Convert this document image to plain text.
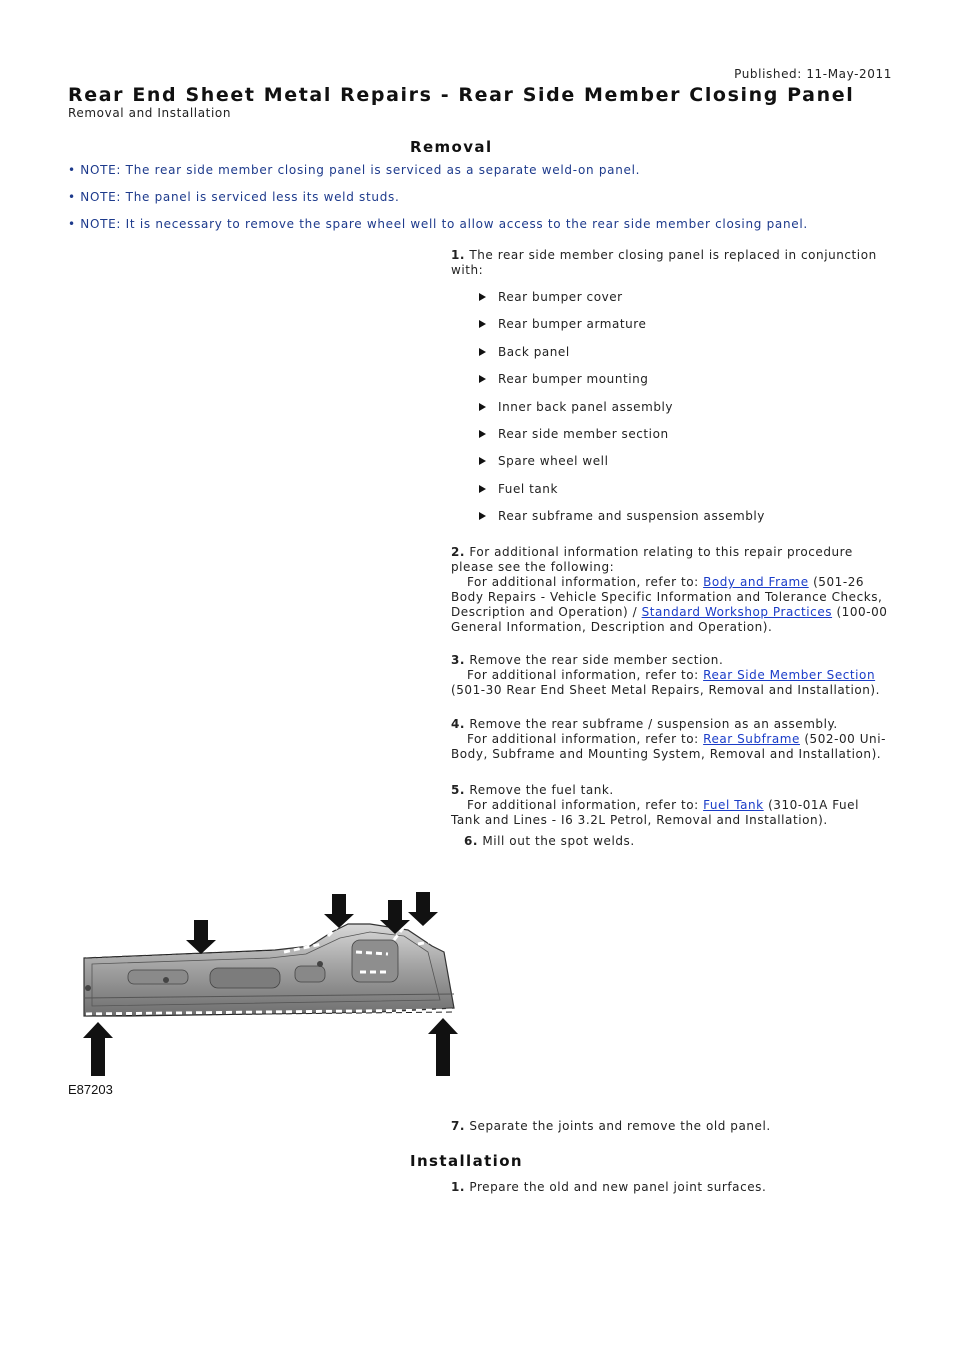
Published: 11-May-2011
Rear End Sheet Metal Repairs - Rear Side Member Closing Panel
Removal and Installation
Removal
• NOTE: The rear side member closing panel is serviced as a separate weld-on panel.
• NOTE: The panel is serviced less its weld studs.
• NOTE: It is necessary to remove the spare wheel well to allow access to the rear side member closing panel.
1. The rear side member closing panel is replaced in conjunction with:
Rear bumper cover
Rear bumper armature
Back panel
Rear bumper mounting
Inner back panel assembly
Rear side member section
Spare wheel well
Fuel tank
Rear subframe and suspension assembly
2. For additional information relating to this repair procedure please see the following:
For additional information, refer to: Body and Frame (501-26 Body Repairs - Vehicle Specific Information and Tolerance Checks, Description and Operation) / Standard Workshop Practices (100-00 General Information, Description and Operation).
3. Remove the rear side member section.
For additional information, refer to: Rear Side Member Section (501-30 Rear End Sheet Metal Repairs, Removal and Installation).
4. Remove the rear subframe / suspension as an assembly.
For additional information, refer to: Rear Subframe (502-00 Uni-Body, Subframe and Mounting System, Removal and Installation).
5. Remove the fuel tank.
For additional information, refer to: Fuel Tank (310-01A Fuel Tank and Lines - I6 3.2L Petrol, Removal and Installation).
6. Mill out the spot welds.
E87203
7. Separate the joints and remove the old panel.
Installation
1. Prepare the old and new panel joint surfaces.
